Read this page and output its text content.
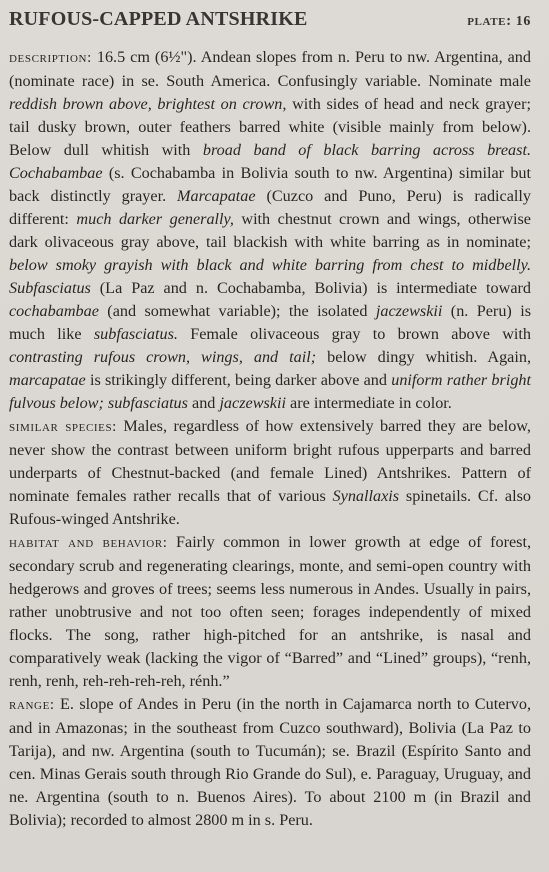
RUFOUS-CAPPED ANTSHRIKE	plate: 16

description: 16.5 cm (6½"). Andean slopes from n. Peru to nw. Argentina, and (nominate race) in se. South America. Confusingly variable. Nominate male reddish brown above, brightest on crown, with sides of head and neck grayer; tail dusky brown, outer feathers barred white (visible mainly from below). Below dull whitish with broad band of black barring across breast. Cochabambae (s. Cochabamba in Bolivia south to nw. Argentina) similar but back distinctly grayer. Marcapatae (Cuzco and Puno, Peru) is radically different: much darker generally, with chestnut crown and wings, otherwise dark olivaceous gray above, tail blackish with white barring as in nominate; below smoky grayish with black and white barring from chest to midbelly. Subfasciatus (La Paz and n. Cochabamba, Bolivia) is intermediate toward cochabambae (and somewhat variable); the isolated jaczewskii (n. Peru) is much like subfasciatus. Female olivaceous gray to brown above with contrasting rufous crown, wings, and tail; below dingy whitish. Again, marcapatae is strikingly different, being darker above and uniform rather bright fulvous below; subfasciatus and jaczewskii are intermediate in color.

similar species: Males, regardless of how extensively barred they are below, never show the contrast between uniform bright rufous upperparts and barred underparts of Chestnut-backed (and female Lined) Antshrikes. Pattern of nominate females rather recalls that of various Synallaxis spinetails. Cf. also Rufous-winged Antshrike.

habitat and behavior: Fairly common in lower growth at edge of forest, secondary scrub and regenerating clearings, monte, and semi-open country with hedgerows and groves of trees; seems less numerous in Andes. Usually in pairs, rather unobtrusive and not too often seen; forages independently of mixed flocks. The song, rather high-pitched for an antshrike, is nasal and comparatively weak (lacking the vigor of “Barred” and “Lined” groups), “renh, renh, renh, reh-reh-reh-reh, rénh.”

range: E. slope of Andes in Peru (in the north in Cajamarca north to Cutervo, and in Amazonas; in the southeast from Cuzco southward), Bolivia (La Paz to Tarija), and nw. Argentina (south to Tucumán); se. Brazil (Espírito Santo and cen. Minas Gerais south through Rio Grande do Sul), e. Paraguay, Uruguay, and ne. Argentina (south to n. Buenos Aires). To about 2100 m (in Brazil and Bolivia); recorded to almost 2800 m in s. Peru.
